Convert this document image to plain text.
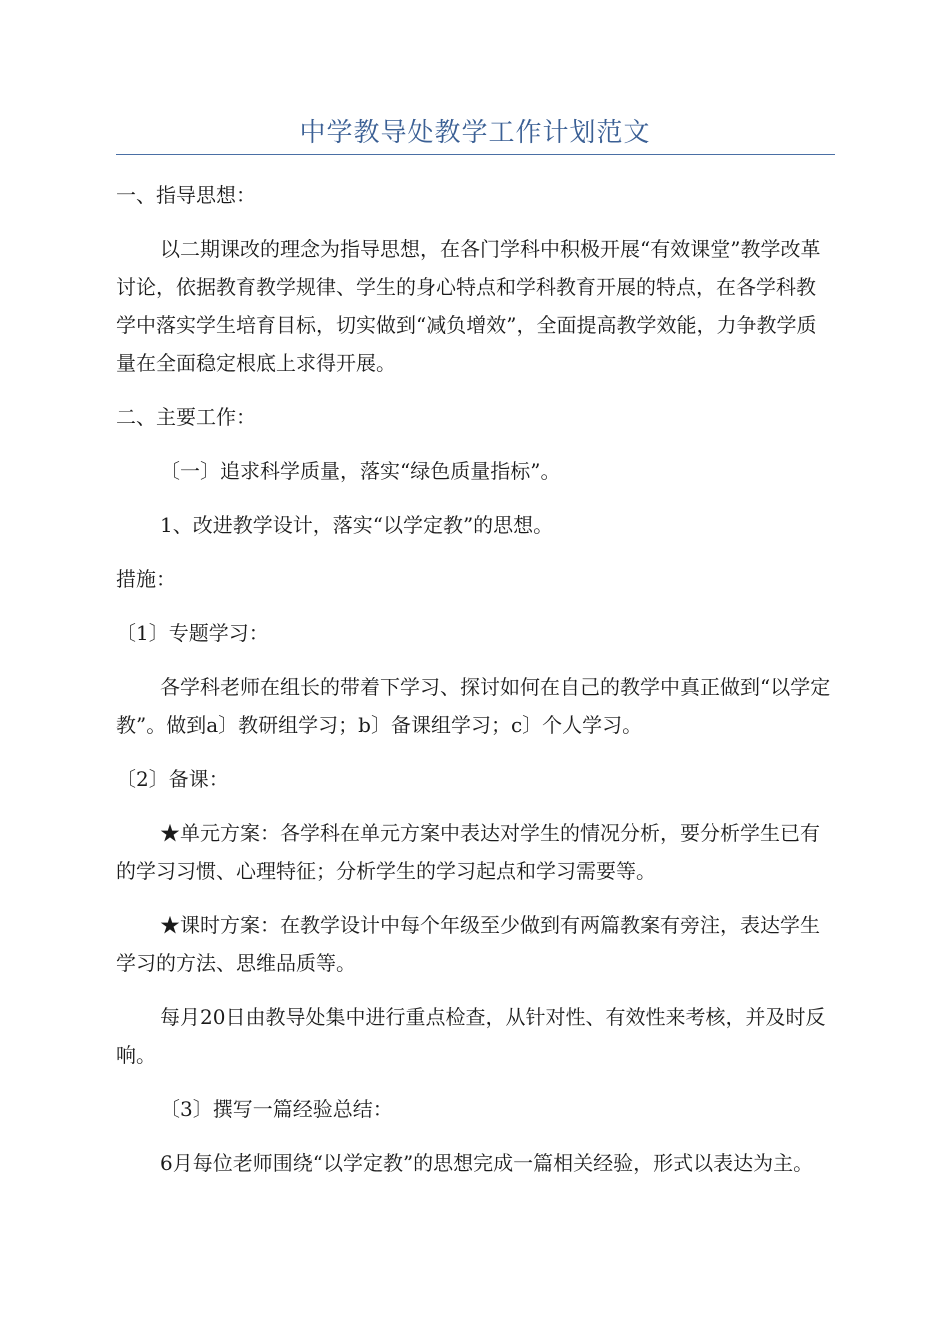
中学教导处教学工作计划范文

一、指导思想：

以二期课改的理念为指导思想，在各门学科中积极开展“有效课堂”教学改革讨论，依据教育教学规律、学生的身心特点和学科教育开展的特点，在各学科教学中落实学生培育目标，切实做到“减负增效”，全面提高教学效能，力争教学质量在全面稳定根底上求得开展。

二、主要工作：

〔一〕追求科学质量，落实“绿色质量指标”。

1、改进教学设计，落实“以学定教”的思想。

措施：

〔1〕专题学习：

各学科老师在组长的带着下学习、探讨如何在自己的教学中真正做到“以学定教”。做到a〕教研组学习；b〕备课组学习；c〕个人学习。

〔2〕备课：

★单元方案：各学科在单元方案中表达对学生的情况分析，要分析学生已有的学习习惯、心理特征；分析学生的学习起点和学习需要等。

★课时方案：在教学设计中每个年级至少做到有两篇教案有旁注，表达学生学习的方法、思维品质等。

每月20日由教导处集中进行重点检查，从针对性、有效性来考核，并及时反响。

〔3〕撰写一篇经验总结：

6月每位老师围绕“以学定教”的思想完成一篇相关经验，形式以表达为主。
